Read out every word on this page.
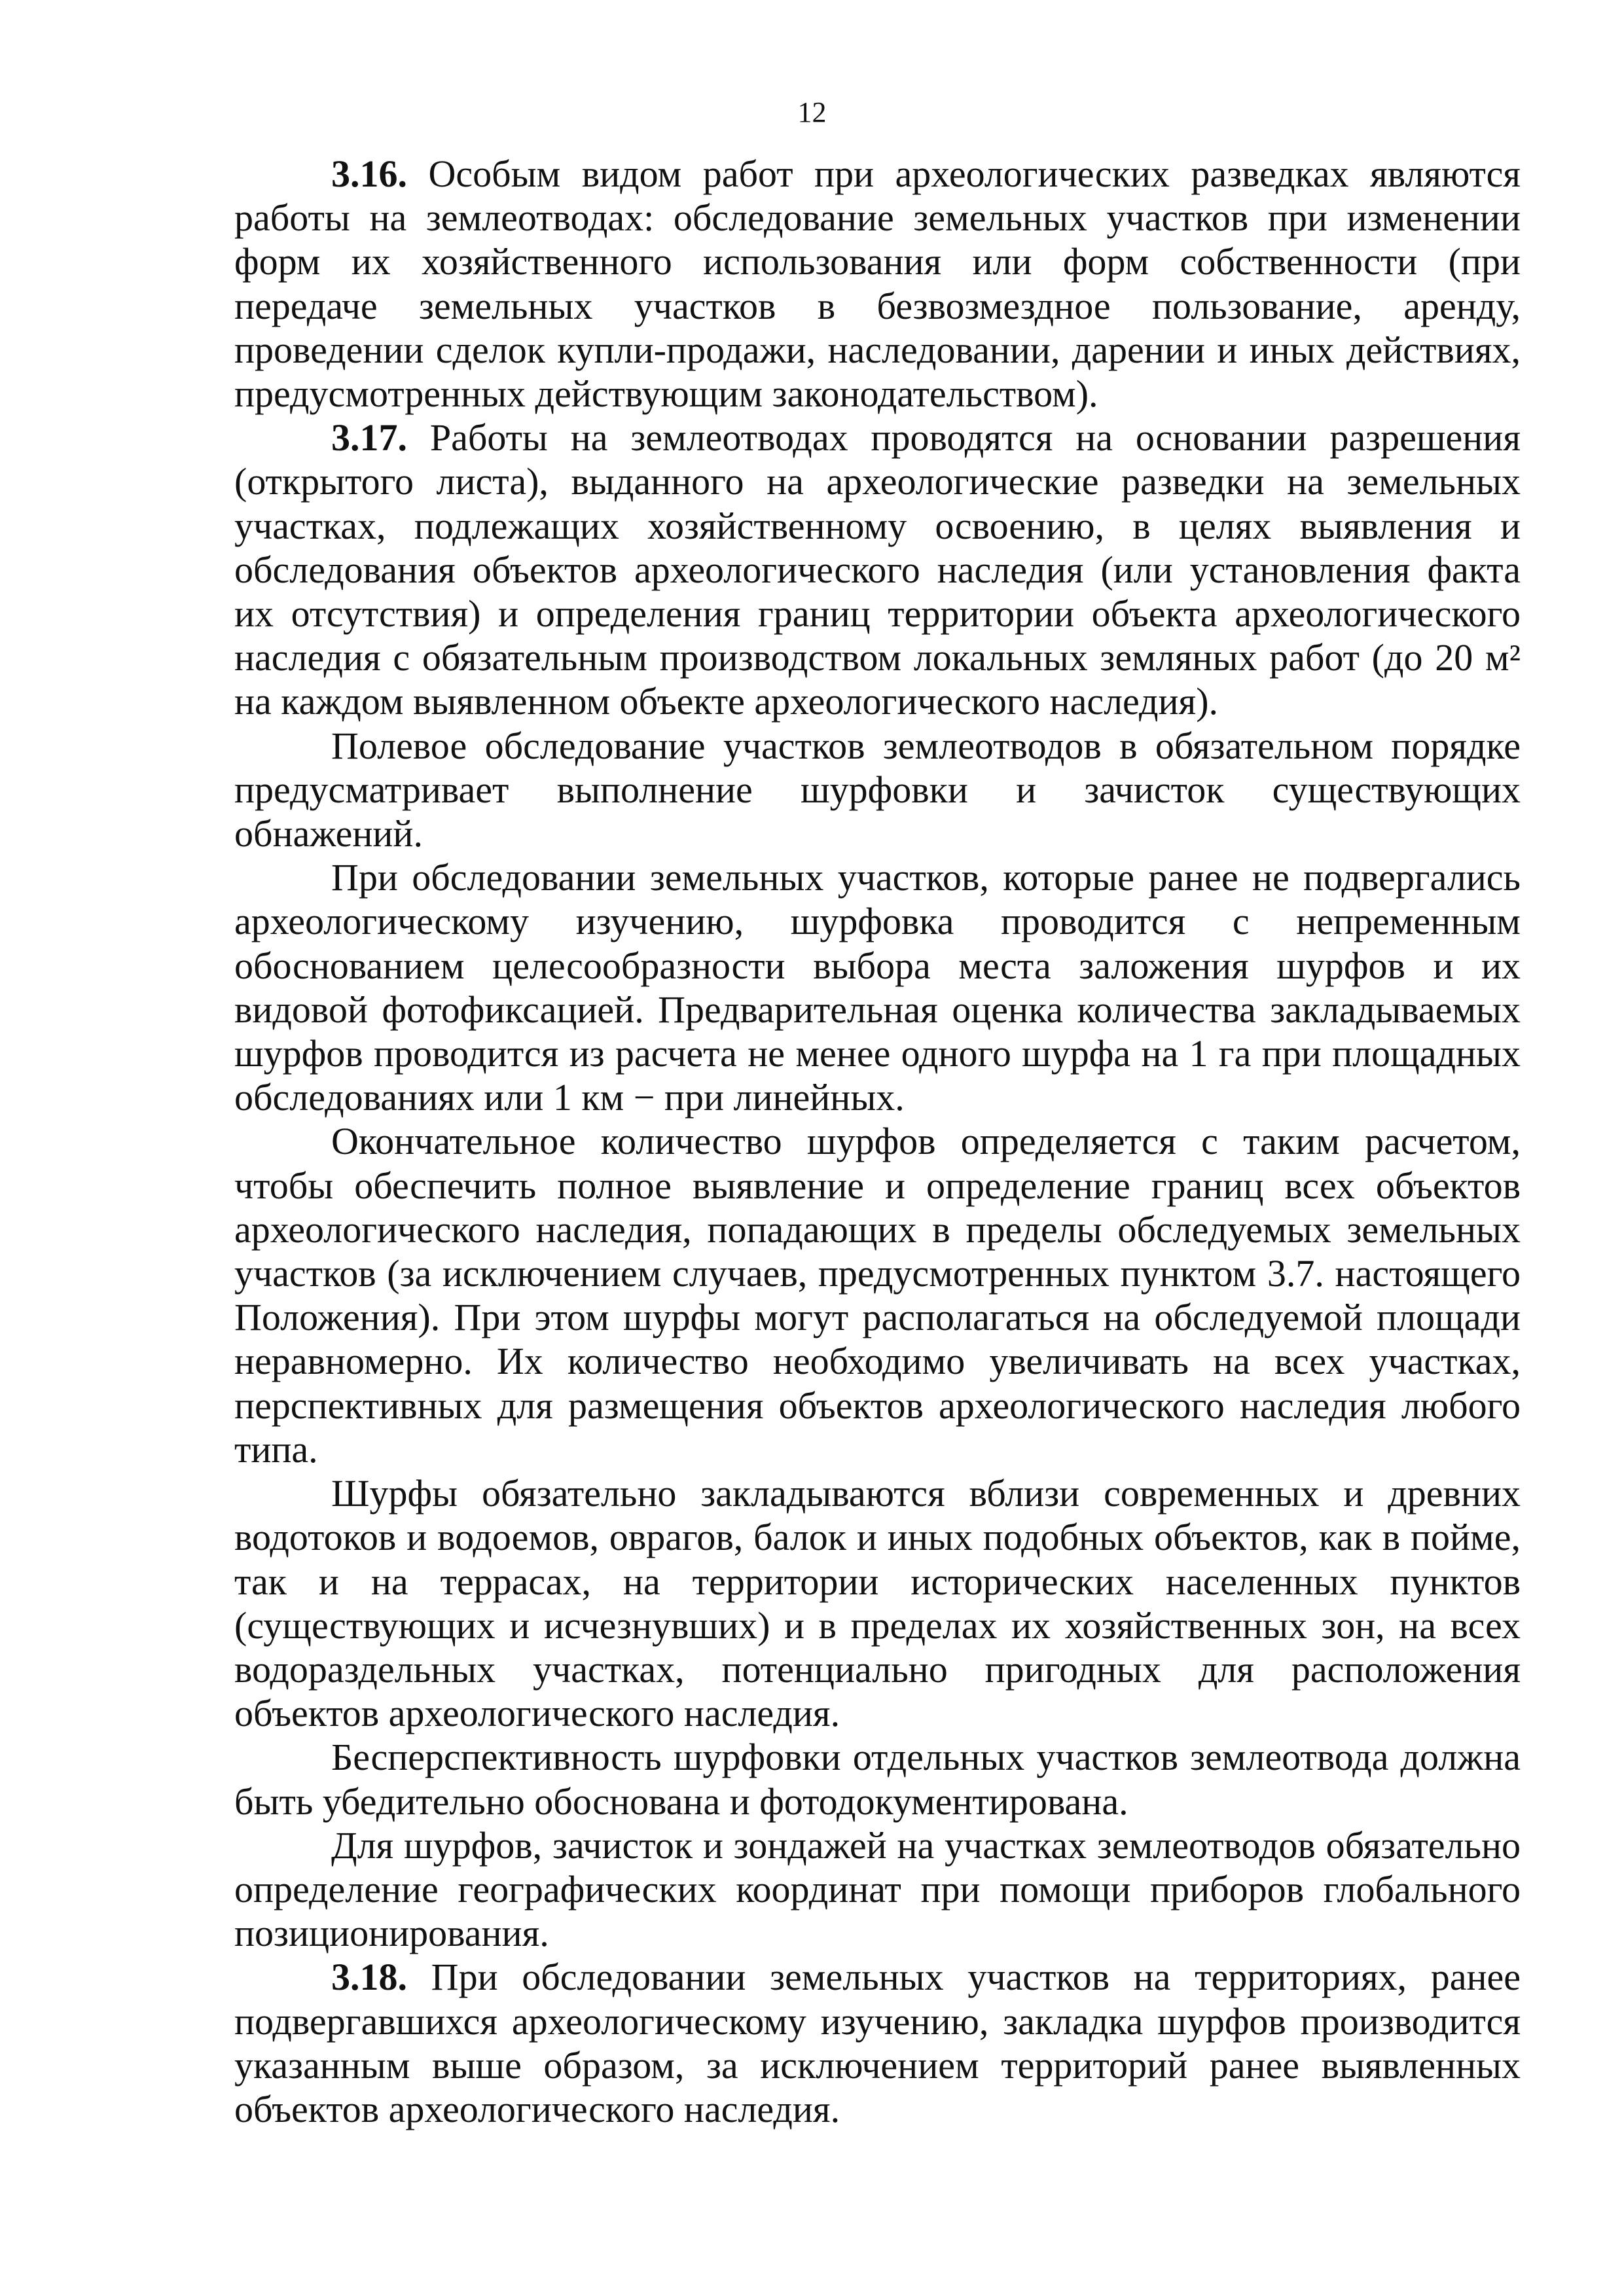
12

3.16. Особым видом работ при археологических разведках являются работы на землеотводах: обследование земельных участков при изменении форм их хозяйственного использования или форм собственности (при передаче земельных участков в безвозмездное пользование, аренду, проведении сделок купли-продажи, наследовании, дарении и иных действиях, предусмотренных действующим законодательством).

3.17. Работы на землеотводах проводятся на основании разрешения (открытого листа), выданного на археологические разведки на земельных участках, подлежащих хозяйственному освоению, в целях выявления и обследования объектов археологического наследия (или установления факта их отсутствия) и определения границ территории объекта археологического наследия с обязательным производством локальных земляных работ (до 20 м² на каждом выявленном объекте археологического наследия).

Полевое обследование участков землеотводов в обязательном порядке предусматривает выполнение шурфовки и зачисток существующих обнажений.

При обследовании земельных участков, которые ранее не подвергались археологическому изучению, шурфовка проводится с непременным обоснованием целесообразности выбора места заложения шурфов и их видовой фотофиксацией. Предварительная оценка количества закладываемых шурфов проводится из расчета не менее одного шурфа на 1 га при площадных обследованиях или 1 км − при линейных.

Окончательное количество шурфов определяется с таким расчетом, чтобы обеспечить полное выявление и определение границ всех объектов археологического наследия, попадающих в пределы обследуемых земельных участков (за исключением случаев, предусмотренных пунктом 3.7. настоящего Положения). При этом шурфы могут располагаться на обследуемой площади неравномерно. Их количество необходимо увеличивать на всех участках, перспективных для размещения объектов археологического наследия любого типа.

Шурфы обязательно закладываются вблизи современных и древних водотоков и водоемов, оврагов, балок и иных подобных объектов, как в пойме, так и на террасах, на территории исторических населенных пунктов (существующих и исчезнувших) и в пределах их хозяйственных зон, на всех водораздельных участках, потенциально пригодных для расположения объектов археологического наследия.

Бесперспективность шурфовки отдельных участков землеотвода должна быть убедительно обоснована и фотодокументирована.

Для шурфов, зачисток и зондажей на участках землеотводов обязательно определение географических координат при помощи приборов глобального позиционирования.

3.18. При обследовании земельных участков на территориях, ранее подвергавшихся археологическому изучению, закладка шурфов производится указанным выше образом, за исключением территорий ранее выявленных объектов археологического наследия.
